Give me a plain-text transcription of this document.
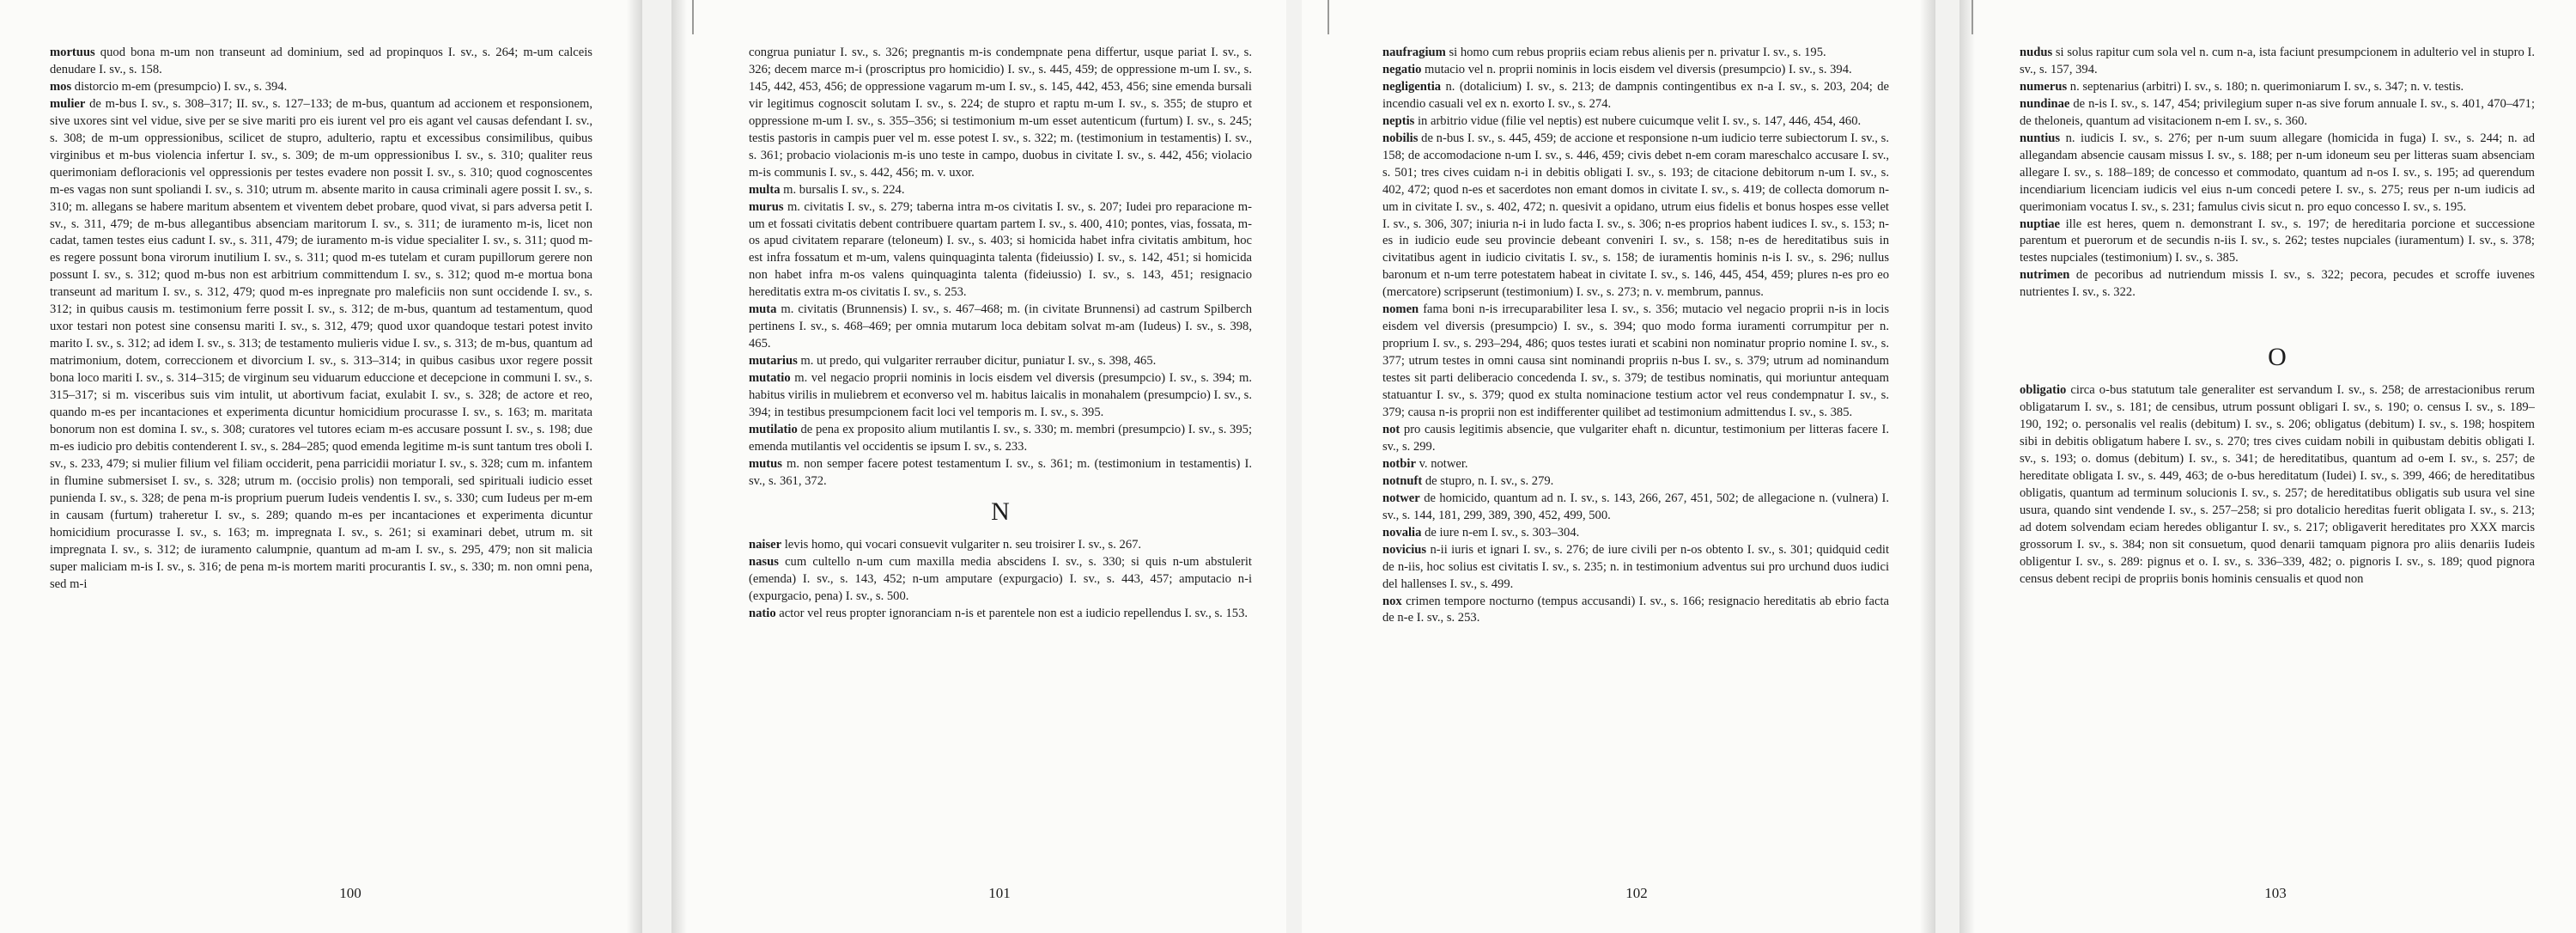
mortuus quod bona m-um non transeunt ad dominium, sed ad propinquos I. sv., s. 264; m-um calceis denudare I. sv., s. 158.

mos distorcio m-em (presumpcio) I. sv., s. 394.

mulier de m-bus I. sv., s. 308–317; II. sv., s. 127–133; de m-bus, quantum ad accionem et responsionem, sive uxores sint vel vidue, sive per se sive mariti pro eis iurent vel pro eis agant vel causas defendant I. sv., s. 308; de m-um oppressionibus, scilicet de stupro, adulterio, raptu et excessibus consimilibus, quibus virginibus et m-bus violencia infertur I. sv., s. 309; de m-um oppressionibus I. sv., s. 310; qualiter reus querimoniam defloracionis vel oppressionis per testes evadere non possit I. sv., s. 310; quod cognoscentes m-es vagas non sunt spoliandi I. sv., s. 310; utrum m. absente marito in causa criminali agere possit I. sv., s. 310; m. allegans se habere maritum absentem et viventem debet probare, quod vivat, si pars adversa petit I. sv., s. 311, 479; de m-bus allegantibus absenciam maritorum I. sv., s. 311; de iuramento m-is, licet non cadat, tamen testes eius cadunt I. sv., s. 311, 479; de iuramento m-is vidue specialiter I. sv., s. 311; quod m-es regere possunt bona virorum inutilium I. sv., s. 311; quod m-es tutelam et curam pupillorum gerere non possunt I. sv., s. 312; quod m-bus non est arbitrium committendum I. sv., s. 312; quod m-e mortua bona transeunt ad maritum I. sv., s. 312, 479; quod m-es inpregnate pro maleficiis non sunt occidende I. sv., s. 312; in quibus causis m. testimonium ferre possit I. sv., s. 312; de m-bus, quantum ad testamentum, quod uxor testari non potest sine consensu mariti I. sv., s. 312, 479; quod uxor quandoque testari potest invito marito I. sv., s. 312; ad idem I. sv., s. 313; de testamento mulieris vidue I. sv., s. 313; de m-bus, quantum ad matrimonium, dotem, correccionem et divorcium I. sv., s. 313–314; in quibus casibus uxor regere possit bona loco mariti I. sv., s. 314–315; de virginum seu viduarum educcione et decepcione in communi I. sv., s. 315–317; si m. visceribus suis vim intulit, ut abortivum faciat, exulabit I. sv., s. 328; de actore et reo, quando m-es per incantaciones et experimenta dicuntur homicidium procurasse I. sv., s. 163; m. maritata bonorum non est domina I. sv., s. 308; curatores vel tutores eciam m-es accusare possunt I. sv., s. 198; due m-es iudicio pro debitis contenderent I. sv., s. 284–285; quod emenda legitime m-is sunt tantum tres oboli I. sv., s. 233, 479; si mulier filium vel filiam occiderit, pena parricidii moriatur I. sv., s. 328; cum m. infantem in flumine submersiset I. sv., s. 328; utrum m. (occisio prolis) non temporali, sed spirituali iudicio esset punienda I. sv., s. 328; de pena m-is proprium puerum Iudeis vendentis I. sv., s. 330; cum Iudeus per m-em in causam (furtum) traheretur I. sv., s. 289; quando m-es per incantaciones et experimenta dicuntur homicidium procurasse I. sv., s. 163; m. impregnata I. sv., s. 261; si examinari debet, utrum m. sit impregnata I. sv., s. 312; de iuramento calumpnie, quantum ad m-am I. sv., s. 295, 479; non sit malicia super maliciam m-is I. sv., s. 316; de pena m-is mortem mariti procurantis I. sv., s. 330; m. non omni pena, sed m-i

100

congrua puniatur I. sv., s. 326; pregnantis m-is condempnate pena differtur, usque pariat I. sv., s. 326; decem marce m-i (proscriptus pro homicidio) I. sv., s. 445, 459; de oppressione m-um I. sv., s. 145, 442, 453, 456; de oppressione vagarum m-um I. sv., s. 145, 442, 453, 456; sine emenda bursali vir legitimus cognoscit solutam I. sv., s. 224; de stupro et raptu m-um I. sv., s. 355; de stupro et oppressione m-um I. sv., s. 355–356; si testimonium m-um esset autenticum (furtum) I. sv., s. 245; testis pastoris in campis puer vel m. esse potest I. sv., s. 322; m. (testimonium in testamentis) I. sv., s. 361; probacio violacionis m-is uno teste in campo, duobus in civitate I. sv., s. 442, 456; violacio m-is communis I. sv., s. 442, 456; m. v. uxor.

multa m. bursalis I. sv., s. 224.

murus m. civitatis I. sv., s. 279; taberna intra m-os civitatis I. sv., s. 207; Iudei pro reparacione m-um et fossati civitatis debent contribuere quartam partem I. sv., s. 400, 410; pontes, vias, fossata, m-os apud civitatem reparare (teloneum) I. sv., s. 403; si homicida habet infra civitatis ambitum, hoc est infra fossatum et m-um, valens quinquaginta talenta (fideiussio) I. sv., s. 142, 451; si homicida non habet infra m-os valens quinquaginta talenta (fideiussio) I. sv., s. 143, 451; resignacio hereditatis extra m-os civitatis I. sv., s. 253.

muta m. civitatis (Brunnensis) I. sv., s. 467–468; m. (in civitate Brunnensi) ad castrum Spilberch pertinens I. sv., s. 468–469; per omnia mutarum loca debitam solvat m-am (Iudeus) I. sv., s. 398, 465.

mutarius m. ut predo, qui vulgariter rerrauber dicitur, puniatur I. sv., s. 398, 465.

mutatio m. vel negacio proprii nominis in locis eisdem vel diversis (presumpcio) I. sv., s. 394; m. habitus virilis in muliebrem et econverso vel m. habitus laicalis in monahalem (presumpcio) I. sv., s. 394; in testibus presumpcionem facit loci vel temporis m. I. sv., s. 395.

mutilatio de pena ex proposito alium mutilantis I. sv., s. 330; m. membri (presumpcio) I. sv., s. 395; emenda mutilantis vel occidentis se ipsum I. sv., s. 233.

mutus m. non semper facere potest testamentum I. sv., s. 361; m. (testimonium in testamentis) I. sv., s. 361, 372.

N

naiser levis homo, qui vocari consuevit vulgariter n. seu troisirer I. sv., s. 267.

nasus cum cultello n-um cum maxilla media abscidens I. sv., s. 330; si quis n-um abstulerit (emenda) I. sv., s. 143, 452; n-um amputare (expurgacio) I. sv., s. 443, 457; amputacio n-i (expurgacio, pena) I. sv., s. 500.

natio actor vel reus propter ignoranciam n-is et parentele non est a iudicio repellendus I. sv., s. 153.

101

naufragium si homo cum rebus propriis eciam rebus alienis per n. privatur I. sv., s. 195.

negatio mutacio vel n. proprii nominis in locis eisdem vel diversis (presumpcio) I. sv., s. 394.

negligentia n. (dotalicium) I. sv., s. 213; de dampnis contingentibus ex n-a I. sv., s. 203, 204; de incendio casuali vel ex n. exorto I. sv., s. 274.

neptis in arbitrio vidue (filie vel neptis) est nubere cuicumque velit I. sv., s. 147, 446, 454, 460.

nobilis de n-bus I. sv., s. 445, 459; de accione et responsione n-um iudicio terre subiectorum I. sv., s. 158; de accomodacione n-um I. sv., s. 446, 459; civis debet n-em coram mareschalco accusare I. sv., s. 501; tres cives cuidam n-i in debitis obligati I. sv., s. 193; de citacione debitorum n-um I. sv., s. 402, 472; quod n-es et sacerdotes non emant domos in civitate I. sv., s. 419; de collecta domorum n-um in civitate I. sv., s. 402, 472; n. quesivit a opidano, utrum eius fidelis et bonus hospes esse vellet I. sv., s. 306, 307; iniuria n-i in ludo facta I. sv., s. 306; n-es proprios habent iudices I. sv., s. 153; n-es in iudicio eude seu provincie debeant conveniri I. sv., s. 158; n-es de hereditatibus suis in civitatibus agent in iudicio civitatis I. sv., s. 158; de iuramentis hominis n-is I. sv., s. 296; nullus baronum et n-um terre potestatem habeat in civitate I. sv., s. 146, 445, 454, 459; plures n-es pro eo (mercatore) scripserunt (testimonium) I. sv., s. 273; n. v. membrum, pannus.

nomen fama boni n-is irrecuparabiliter lesa I. sv., s. 356; mutacio vel negacio proprii n-is in locis eisdem vel diversis (presumpcio) I. sv., s. 394; quo modo forma iuramenti corrumpitur per n. proprium I. sv., s. 293–294, 486; quos testes iurati et scabini non nominatur proprio nomine I. sv., s. 377; utrum testes in omni causa sint nominandi propriis n-bus I. sv., s. 379; utrum ad nominandum testes sit parti deliberacio concedenda I. sv., s. 379; de testibus nominatis, qui moriuntur antequam statuantur I. sv., s. 379; quod ex stulta nominacione testium actor vel reus condempnatur I. sv., s. 379; causa n-is proprii non est indifferenter quilibet ad testimonium admittendus I. sv., s. 385.

not pro causis legitimis absencie, que vulgariter ehaft n. dicuntur, testimonium per litteras facere I. sv., s. 299.

notbir v. notwer.

notnuft de stupro, n. I. sv., s. 279.

notwer de homicido, quantum ad n. I. sv., s. 143, 266, 267, 451, 502; de allegacione n. (vulnera) I. sv., s. 144, 181, 299, 389, 390, 452, 499, 500.

novalia de iure n-em I. sv., s. 303–304.

novicius n-ii iuris et ignari I. sv., s. 276; de iure civili per n-os obtento I. sv., s. 301; quidquid cedit de n-iis, hoc solius est civitatis I. sv., s. 235; n. in testimonium adventus sui pro urchund duos iudici del hallenses I. sv., s. 499.

nox crimen tempore nocturno (tempus accusandi) I. sv., s. 166; resignacio hereditatis ab ebrio facta de n-e I. sv., s. 253.

102

nudus si solus rapitur cum sola vel n. cum n-a, ista faciunt presumpcionem in adulterio vel in stupro I. sv., s. 157, 394.

numerus n. septenarius (arbitri) I. sv., s. 180; n. querimoniarum I. sv., s. 347; n. v. testis.

nundinae de n-is I. sv., s. 147, 454; privilegium super n-as sive forum annuale I. sv., s. 401, 470–471; de theloneis, quantum ad visitacionem n-em I. sv., s. 360.

nuntius n. iudicis I. sv., s. 276; per n-um suum allegare (homicida in fuga) I. sv., s. 244; n. ad allegandam absencie causam missus I. sv., s. 188; per n-um idoneum seu per litteras suam absenciam allegare I. sv., s. 188–189; de concesso et commodato, quantum ad n-os I. sv., s. 195; ad querendum incendiarium licenciam iudicis vel eius n-um concedi petere I. sv., s. 275; reus per n-um iudicis ad querimoniam vocatus I. sv., s. 231; famulus civis sicut n. pro equo concesso I. sv., s. 195.

nuptiae ille est heres, quem n. demonstrant I. sv., s. 197; de hereditaria porcione et successione parentum et puerorum et de secundis n-iis I. sv., s. 262; testes nupciales (iuramentum) I. sv., s. 378; testes nupciales (testimonium) I. sv., s. 385.

nutrimen de pecoribus ad nutriendum missis I. sv., s. 322; pecora, pecudes et scroffe iuvenes nutrientes I. sv., s. 322.

O

obligatio circa o-bus statutum tale generaliter est servandum I. sv., s. 258; de arrestacionibus rerum obligatarum I. sv., s. 181; de censibus, utrum possunt obligari I. sv., s. 190; o. census I. sv., s. 189–190, 192; o. personalis vel realis (debitum) I. sv., s. 206; obligatus (debitum) I. sv., s. 198; hospitem sibi in debitis obligatum habere I. sv., s. 270; tres cives cuidam nobili in quibustam debitis obligati I. sv., s. 193; o. domus (debitum) I. sv., s. 341; de hereditatibus, quantum ad o-em I. sv., s. 257; de hereditate obligata I. sv., s. 449, 463; de o-bus hereditatum (Iudei) I. sv., s. 399, 466; de hereditatibus obligatis, quantum ad terminum solucionis I. sv., s. 257; de hereditatibus obligatis sub usura vel sine usura, quando sint vendende I. sv., s. 257–258; si pro dotalicio hereditas fuerit obligata I. sv., s. 213; ad dotem solvendam eciam heredes obligantur I. sv., s. 217; obligaverit hereditates pro XXX marcis grossorum I. sv., s. 384; non sit consuetum, quod denarii tamquam pignora pro aliis denariis Iudeis obligentur I. sv., s. 289: pignus et o. I. sv., s. 336–339, 482; o. pignoris I. sv., s. 189; quod pignora census debent recipi de propriis bonis hominis censualis et quod non

103
